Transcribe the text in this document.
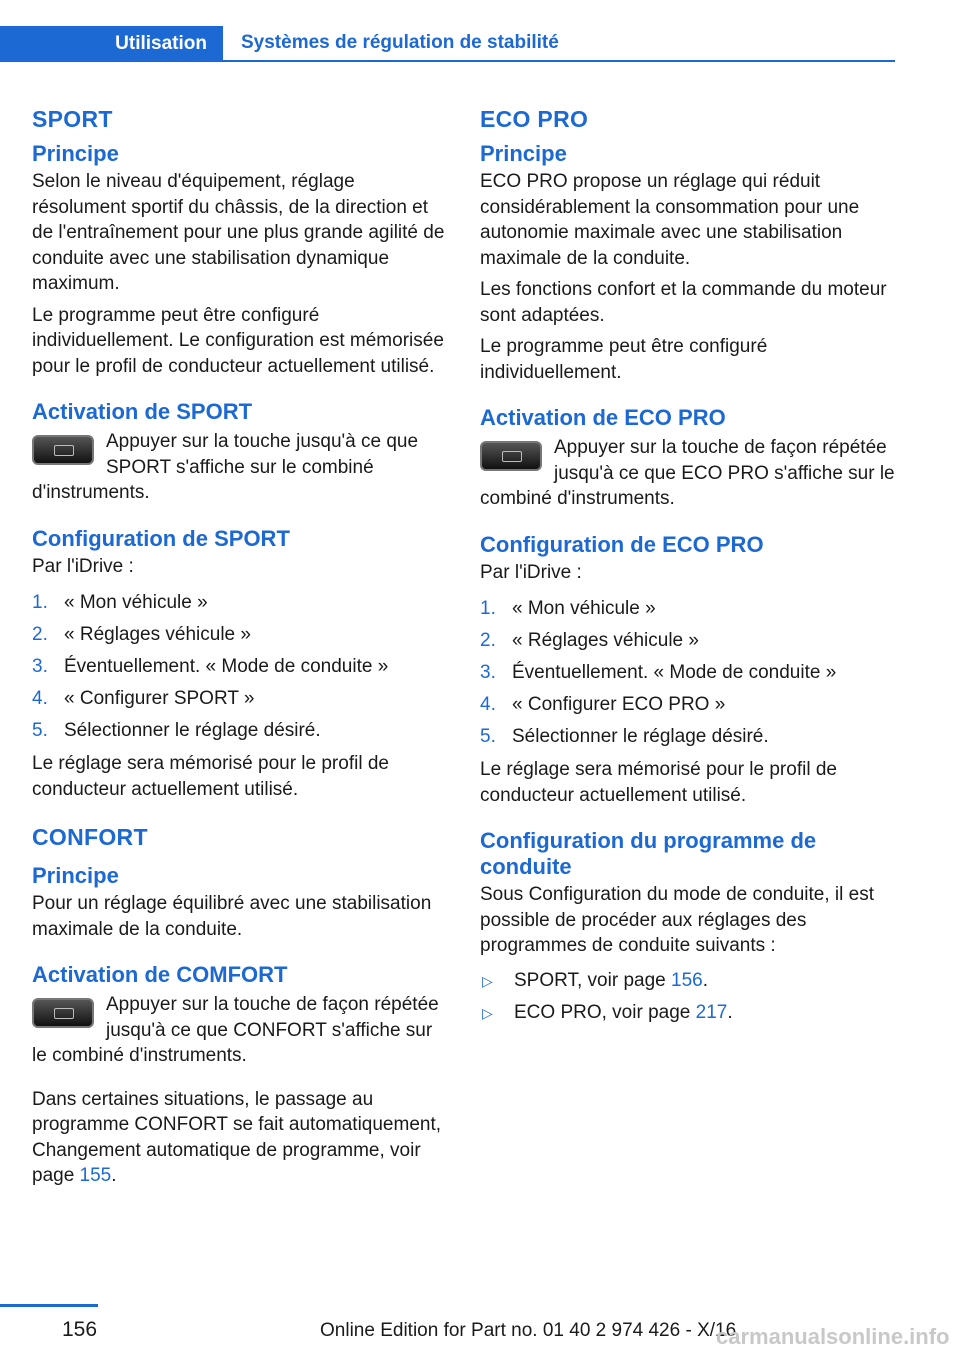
Utilisation	Systèmes de régulation de stabilité
SPORT
Principe

Selon le niveau d'équipement, réglage résolument sportif du châssis, de la direction et de l'entraînement pour une plus grande agilité de conduite avec une stabilisation dynamique maximum.

Le programme peut être configuré individuellement. Le configuration est mémorisée pour le profil de conducteur actuellement utilisé.

Activation de SPORT

Appuyer sur la touche jusqu'à ce que SPORT s'affiche sur le combiné d'instruments.

Configuration de SPORT

Par l'iDrive :

1. « Mon véhicule »
2. « Réglages véhicule »
3. Éventuellement. « Mode de conduite »
4. « Configurer SPORT »
5. Sélectionner le réglage désiré.

Le réglage sera mémorisé pour le profil de conducteur actuellement utilisé.

CONFORT
Principe

Pour un réglage équilibré avec une stabilisation maximale de la conduite.

Activation de COMFORT

Appuyer sur la touche de façon répétée jusqu'à ce que CONFORT s'affiche sur le combiné d'instruments.

Dans certaines situations, le passage au programme CONFORT se fait automatiquement, Changement automatique de programme, voir page 155.

ECO PRO
Principe

ECO PRO propose un réglage qui réduit considérablement la consommation pour une autonomie maximale avec une stabilisation maximale de la conduite.

Les fonctions confort et la commande du moteur sont adaptées.

Le programme peut être configuré individuellement.

Activation de ECO PRO

Appuyer sur la touche de façon répétée jusqu'à ce que ECO PRO s'affiche sur le combiné d'instruments.

Configuration de ECO PRO

Par l'iDrive :

1. « Mon véhicule »
2. « Réglages véhicule »
3. Éventuellement. « Mode de conduite »
4. « Configurer ECO PRO »
5. Sélectionner le réglage désiré.

Le réglage sera mémorisé pour le profil de conducteur actuellement utilisé.

Configuration du programme de conduite

Sous Configuration du mode de conduite, il est possible de procéder aux réglages des programmes de conduite suivants :

▷	SPORT, voir page 156.
▷	ECO PRO, voir page 217.
156	Online Edition for Part no. 01 40 2 974 426 - X/16
carmanualsonline.info
